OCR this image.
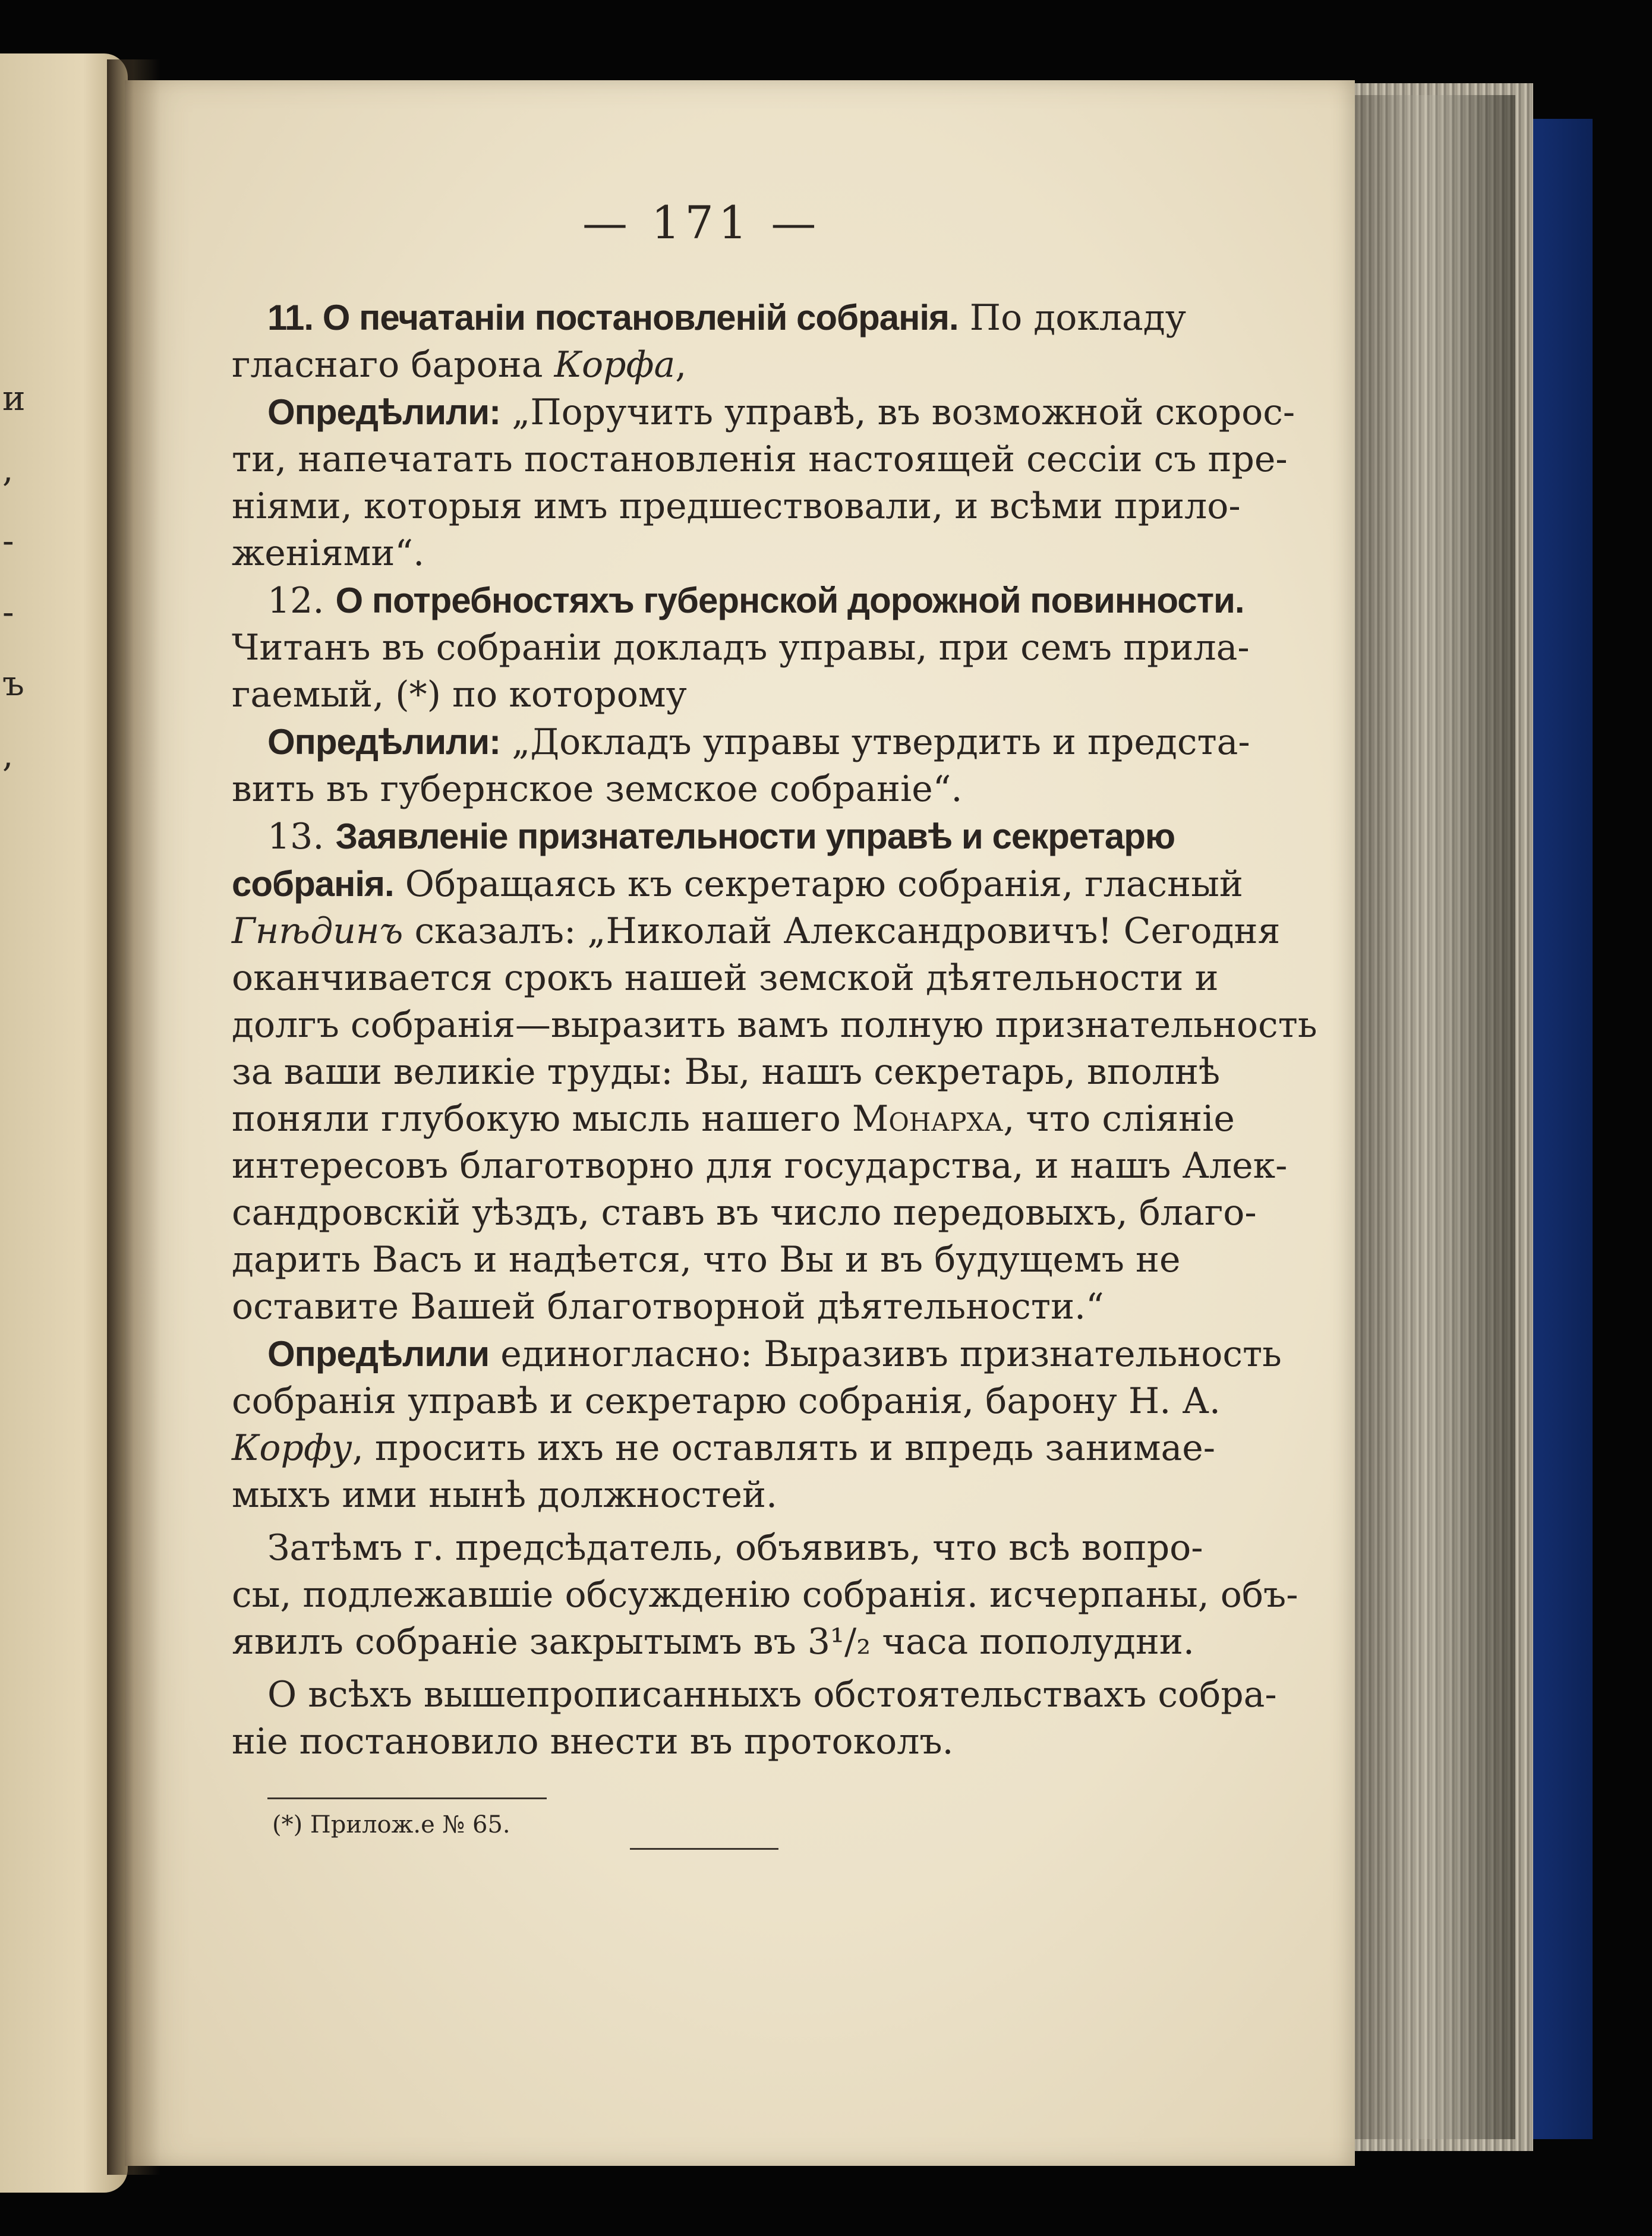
и
,
-
-
ъ
,
— 171 —
11. О печатаніи постановленій собранія. По докладу
гласнаго барона Корфа,
Опредѣлили: „Поручить управѣ, въ возможной скорос-
ти, напечатать постановленія настоящей сессіи съ пре-
ніями, которыя имъ предшествовали, и всѣми прило-
женіями“.
12. О потребностяхъ губернской дорожной повинности.
Читанъ въ собраніи докладъ управы, при семъ прила-
гаемый, (*) по которому
Опредѣлили: „Докладъ управы утвердить и предста-
вить въ губернское земское собраніе“.
13. Заявленіе признательности управѣ и секретарю
собранія. Обращаясь къ секретарю собранія, гласный
Гнѣдинъ сказалъ: „Николай Александровичъ! Сегодня
оканчивается срокъ нашей земской дѣятельности и
долгъ собранія—выразить вамъ полную признательность
за ваши великіе труды: Вы, нашъ секретарь, вполнѣ
поняли глубокую мысль нашего Монарха, что сліяніе
интересовъ благотворно для государства, и нашъ Алек-
сандровскій уѣздъ, ставъ въ число передовыхъ, благо-
дарить Васъ и надѣется, что Вы и въ будущемъ не
оставите Вашей благотворной дѣятельности.“
Опредѣлили единогласно: Выразивъ признательность
собранія управѣ и секретарю собранія, барону Н. А.
Корфу, просить ихъ не оставлять и впредь занимае-
мыхъ ими нынѣ должностей.
Затѣмъ г. предсѣдатель, объявивъ, что всѣ вопро-
сы, подлежавшіе обсужденію собранія. исчерпаны, объ-
явилъ собраніе закрытымъ въ 3¹/₂ часа пополудни.
О всѣхъ вышепрописанныхъ обстоятельствахъ собра-
ніе постановило внести въ протоколъ.
(*) Прилож.е № 65.
